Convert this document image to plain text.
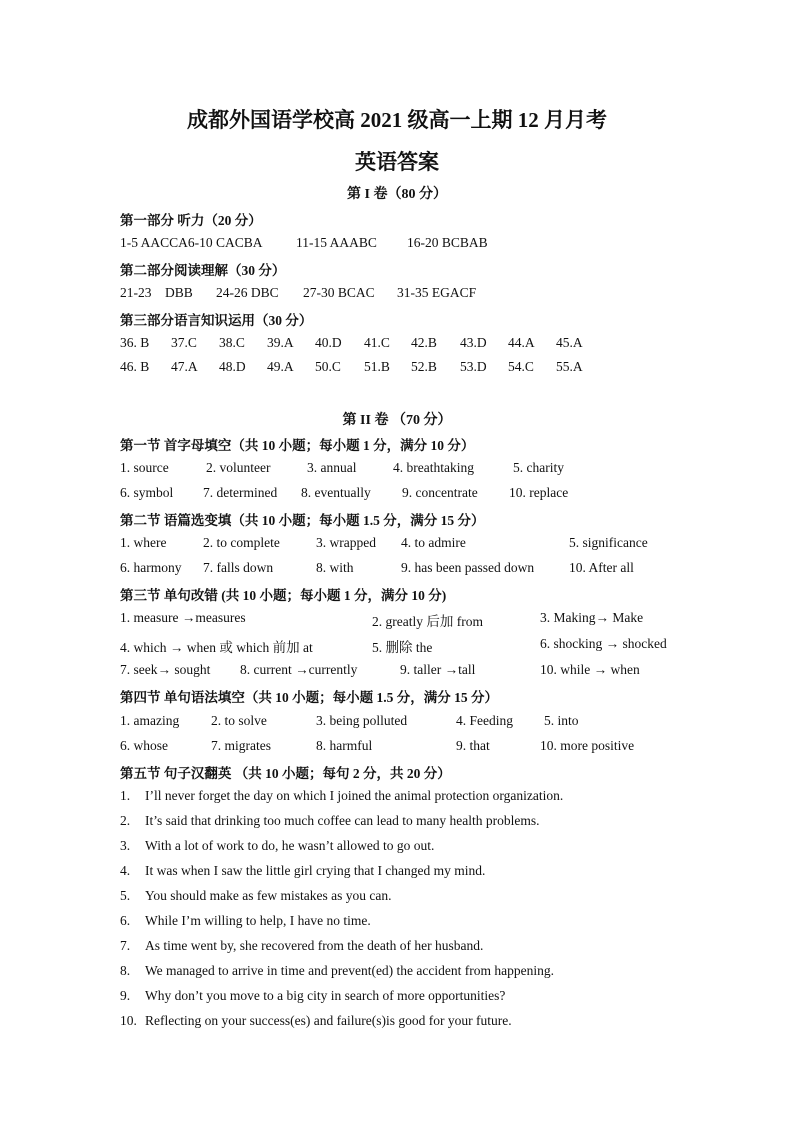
成都外国语学校高 2021 级高一上期 12 月月考
英语答案
第 I 卷（80 分）
第一部分 听力（20 分）
1-5 AACCA6-10 CACBA 11-15 AAABC 16-20 BCBAB
第二部分阅读理解（30 分）
21-23    DBB 24-26 DBC 27-30 BCAC 31-35 EGACF
第三部分语言知识运用（30 分）
36. B 37.C 38.C 39.A 40.D 41.C 42.B 43.D 44.A 45.A
46. B 47.A 48.D 49.A 50.C 51.B 52.B 53.D 54.C 55.A
第 II 卷 （70 分）
第一节 首字母填空（共 10 小题；每小题 1 分，满分 10 分）
1. source	2. volunteer	3. annual	4. breathtaking	5. charity
6. symbol 7. determined 8. eventually 9. concentrate 10. replace
第二节 语篇选变填（共 10 小题；每小题 1.5 分，满分 15 分）
1. where	2. to complete	3. wrapped 4. to admire	5. significance
6. harmony 7. falls down	8. with	9. has been passed down	10. After all
第三节 单句改错 (共 10 小题；每小题 1 分，满分 10 分)
1. measure →measures	2. greatly 后加 from	3. Making→ Make
4. which → when 或 which 前加 at	5. 删除 the	6. shocking → shocked
7. seek→ sought 8. current →currently	9. taller →tall	10. while → when
第四节 单句语法填空（共 10 小题；每小题 1.5 分，满分 15 分）
1. amazing 2. to solve	3. being polluted	4. Feeding 5. into
6. whose	7. migrates	8. harmful	9. that	10. more positive
第五节 句子汉翻英 （共 10 小题；每句 2 分，共 20 分）
1. I’ll never forget the day on which I joined the animal protection organization.
2. It’s said that drinking too much coffee can lead to many health problems.
3. With a lot of work to do, he wasn’t allowed to go out.
4. It was when I saw the little girl crying that I changed my mind.
5. You should make as few mistakes as you can.
6. While I’m willing to help, I have no time.
7. As time went by, she recovered from the death of her husband.
8. We managed to arrive in time and prevent(ed) the accident from happening.
9. Why don’t you move to a big city in search of more opportunities?
10. Reflecting on your success(es) and failure(s)is good for your future.
